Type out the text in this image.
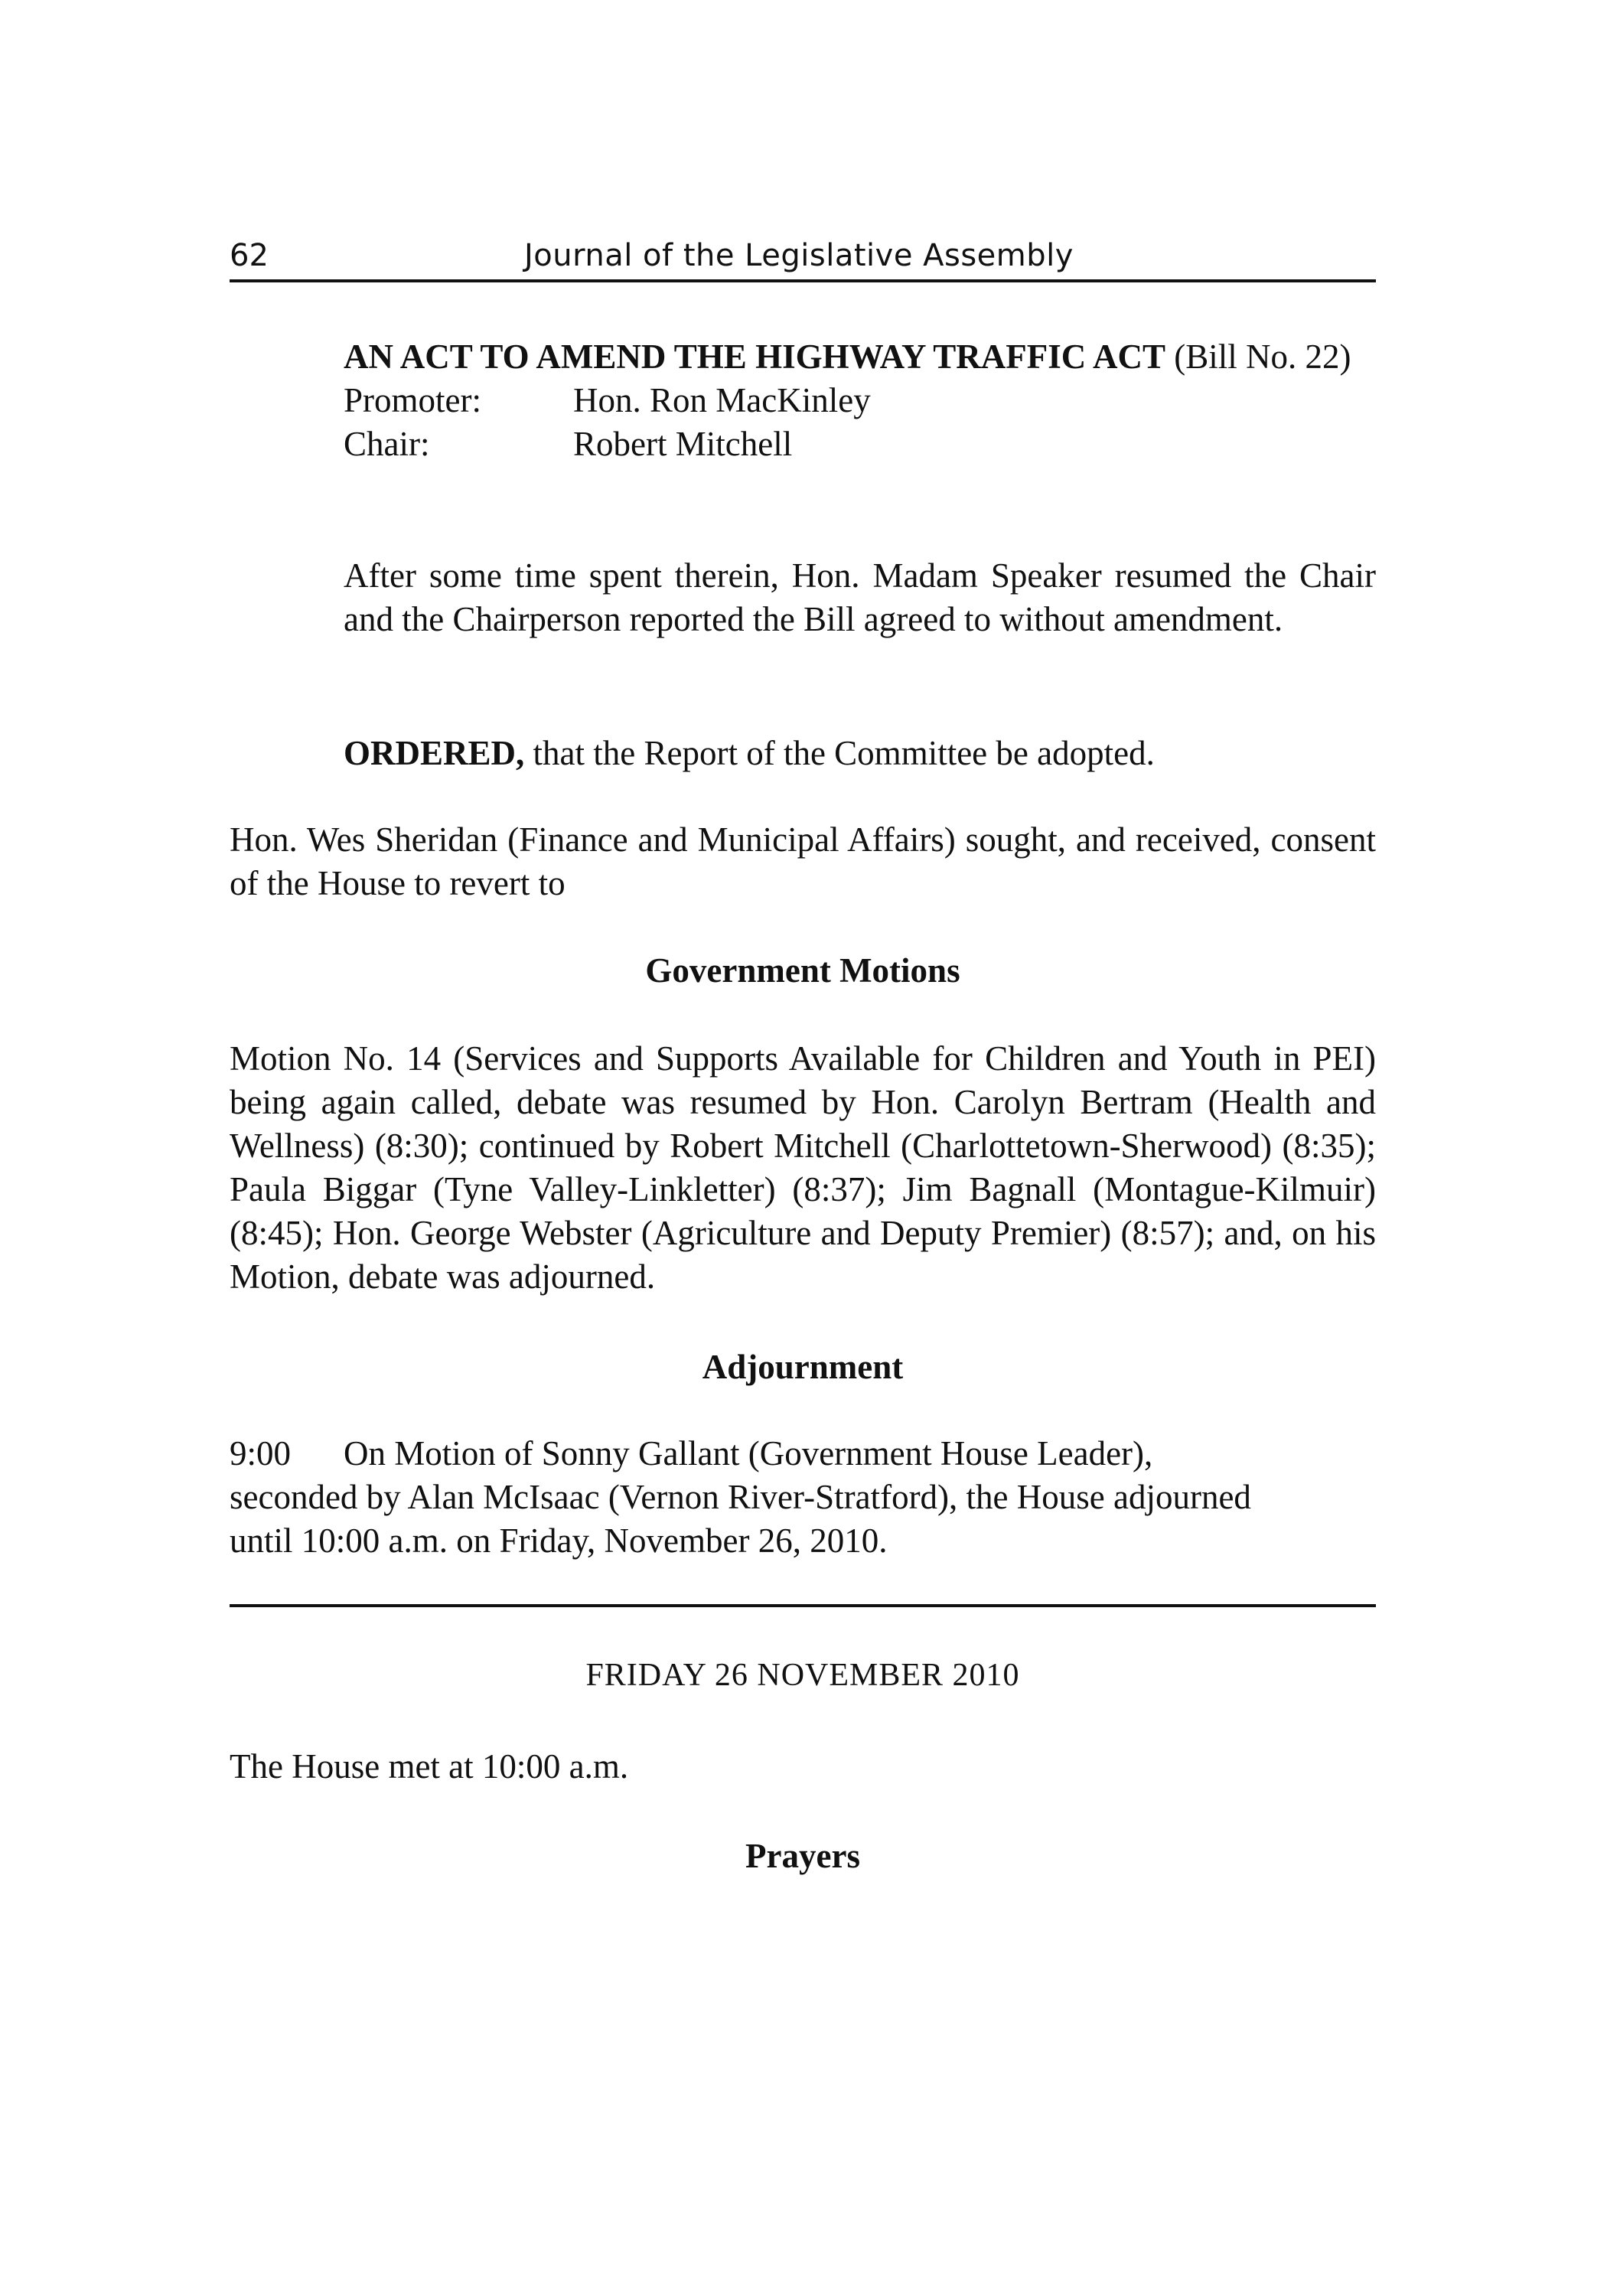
62	Journal of the Legislative Assembly

AN ACT TO AMEND THE HIGHWAY TRAFFIC ACT (Bill No. 22)

Promoter:	Hon. Ron MacKinley

Chair:	Robert Mitchell

After some time spent therein, Hon. Madam Speaker resumed the Chair and the Chairperson reported the Bill agreed to without amendment.
ORDERED, that the Report of the Committee be adopted.
Hon. Wes Sheridan (Finance and Municipal Affairs) sought, and received, consent of the House to revert to
Government Motions
Motion No. 14 (Services and Supports Available for Children and Youth in PEI) being again called, debate was resumed by Hon. Carolyn Bertram (Health and Wellness) (8:30); continued by Robert Mitchell (Charlottetown-Sherwood) (8:35); Paula Biggar (Tyne Valley-Linkletter) (8:37); Jim Bagnall (Montague-Kilmuir) (8:45); Hon. George Webster (Agriculture and Deputy Premier) (8:57); and, on his Motion, debate was adjourned.
Adjournment

9:00 On Motion of Sonny Gallant (Government House Leader),

seconded by Alan McIsaac (Vernon River-Stratford), the House adjourned

until 10:00 a.m. on Friday, November 26, 2010.

FRIDAY 26 NOVEMBER 2010
The House met at 10:00 a.m.
Prayers
